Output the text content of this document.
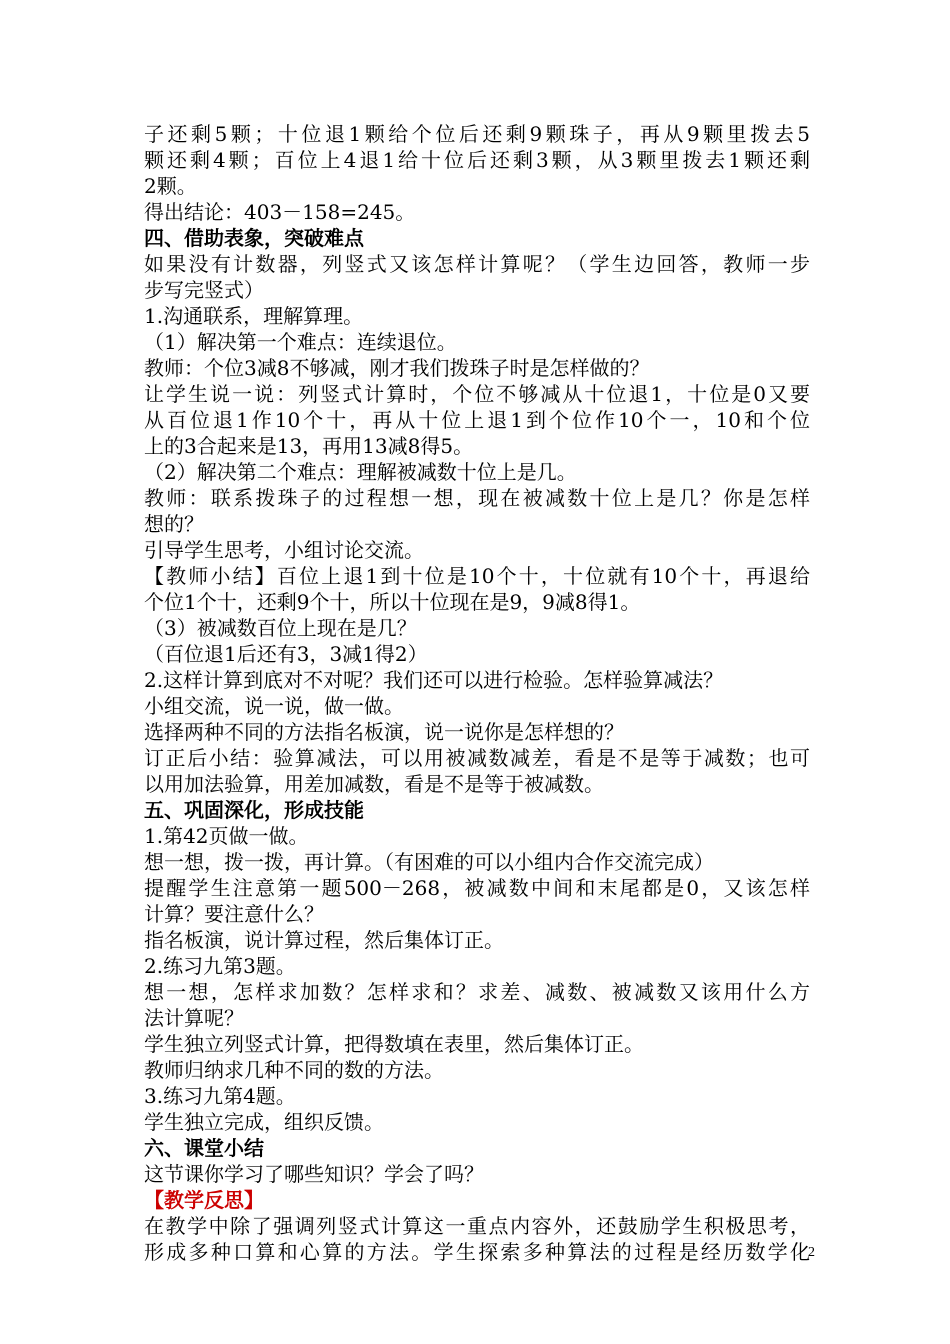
子还剩5颗；十位退1颗给个位后还剩9颗珠子，再从9颗里拨去5
颗还剩4颗；百位上4退1给十位后还剩3颗，从3颗里拨去1颗还剩
2颗。
得出结论：403－158=245。
四、借助表象，突破难点
如果没有计数器，列竖式又该怎样计算呢？（学生边回答，教师一步
步写完竖式）
1.沟通联系，理解算理。
（1）解决第一个难点：连续退位。
教师：个位3减8不够减，刚才我们拨珠子时是怎样做的？
让学生说一说：列竖式计算时，个位不够减从十位退1，十位是0又要
从百位退1作10个十，再从十位上退1到个位作10个一，10和个位
上的3合起来是13，再用13减8得5。
（2）解决第二个难点：理解被减数十位上是几。
教师：联系拨珠子的过程想一想，现在被减数十位上是几？你是怎样
想的？
引导学生思考，小组讨论交流。
【教师小结】百位上退1到十位是10个十，十位就有10个十，再退给
个位1个十，还剩9个十，所以十位现在是9，9减8得1。
（3）被减数百位上现在是几？
（百位退1后还有3，3减1得2）
2.这样计算到底对不对呢？我们还可以进行检验。怎样验算减法？
小组交流，说一说，做一做。
选择两种不同的方法指名板演，说一说你是怎样想的？
订正后小结：验算减法，可以用被减数减差，看是不是等于减数；也可
以用加法验算，用差加减数，看是不是等于被减数。
五、巩固深化，形成技能
1.第42页做一做。
想一想，拨一拨，再计算。（有困难的可以小组内合作交流完成）
提醒学生注意第一题500－268，被减数中间和末尾都是0，又该怎样
计算？要注意什么？
指名板演，说计算过程，然后集体订正。
2.练习九第3题。
想一想，怎样求加数？怎样求和？求差、减数、被减数又该用什么方
法计算呢？
学生独立列竖式计算，把得数填在表里，然后集体订正。
教师归纳求几种不同的数的方法。
3.练习九第4题。
学生独立完成，组织反馈。
六、课堂小结
这节课你学习了哪些知识？学会了吗？
【教学反思】
在教学中除了强调列竖式计算这一重点内容外，还鼓励学生积极思考，
形成多种口算和心算的方法。学生探索多种算法的过程是经历数学化
2
